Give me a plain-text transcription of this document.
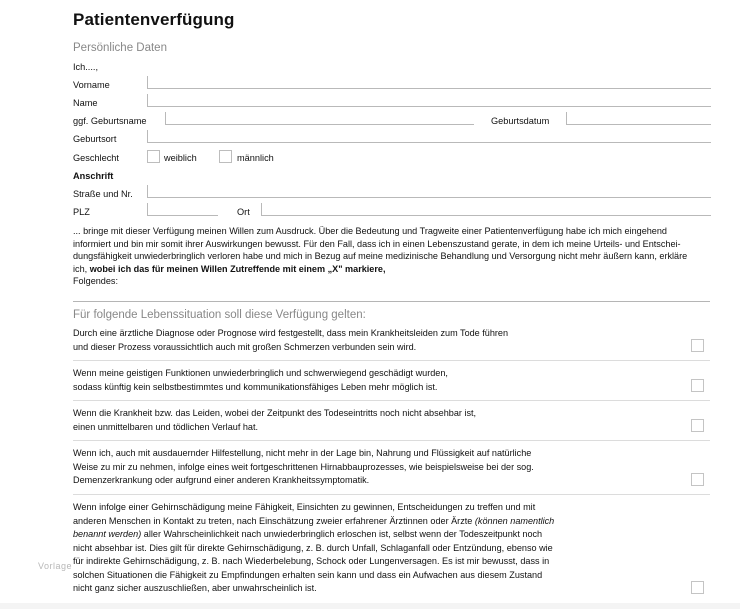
Patientenverfügung
Persönliche Daten
Ich....,
Vorname
Name
ggf. Geburtsname	Geburtsdatum
Geburtsort
Geschlecht	weiblich	männlich
Anschrift
Straße und Nr.
PLZ	Ort
... bringe mit dieser Verfügung meinen Willen zum Ausdruck. Über die Bedeutung und Tragweite einer Patientenverfügung habe ich mich eingehend
informiert und bin mir somit ihrer Auswirkungen bewusst. Für den Fall, dass ich in einen Lebenszustand gerate, in dem ich meine Urteils- und Entschei-
dungsfähigkeit unwiederbringlich verloren habe und mich in Bezug auf meine medizinische Behandlung und Versorgung nicht mehr äußern kann, erkläre
ich, wobei ich das für meinen Willen Zutreffende mit einem „X" markiere,
Folgendes:
Für folgende Lebenssituation soll diese Verfügung gelten:
Durch eine ärztliche Diagnose oder Prognose wird festgestellt, dass mein Krankheitsleiden zum Tode führen
und dieser Prozess voraussichtlich auch mit großen Schmerzen verbunden sein wird.
Wenn meine geistigen Funktionen unwiederbringlich und schwerwiegend geschädigt wurden,
sodass künftig kein selbstbestimmtes und kommunikationsfähiges Leben mehr möglich ist.
Wenn die Krankheit bzw. das Leiden, wobei der Zeitpunkt des Todeseintritts noch nicht absehbar ist,
einen unmittelbaren und tödlichen Verlauf hat.
Wenn ich, auch mit ausdauernder Hilfestellung, nicht mehr in der Lage bin, Nahrung und Flüssigkeit auf natürliche
Weise zu mir zu nehmen, infolge eines weit fortgeschrittenen Hirnabbauprozesses, wie beispielsweise bei der sog.
Demenzerkrankung oder aufgrund einer anderen Krankheitssymptomatik.
Wenn infolge einer Gehirnschädigung meine Fähigkeit, Einsichten zu gewinnen, Entscheidungen zu treffen und mit
anderen Menschen in Kontakt zu treten, nach Einschätzung zweier erfahrener Ärztinnen oder Ärzte (können namentlich
benannt werden) aller Wahrscheinlichkeit nach unwiederbringlich erloschen ist, selbst wenn der Todeszeitpunkt noch
nicht absehbar ist. Dies gilt für direkte Gehirnschädigung, z. B. durch Unfall, Schlaganfall oder Entzündung, ebenso wie
für indirekte Gehirnschädigung, z. B. nach Wiederbelebung, Schock oder Lungenversagen. Es ist mir bewusst, dass in
solchen Situationen die Fähigkeit zu Empfindungen erhalten sein kann und dass ein Aufwachen aus diesem Zustand
nicht ganz sicher auszuschließen, aber unwahrscheinlich ist.
Vorlage
